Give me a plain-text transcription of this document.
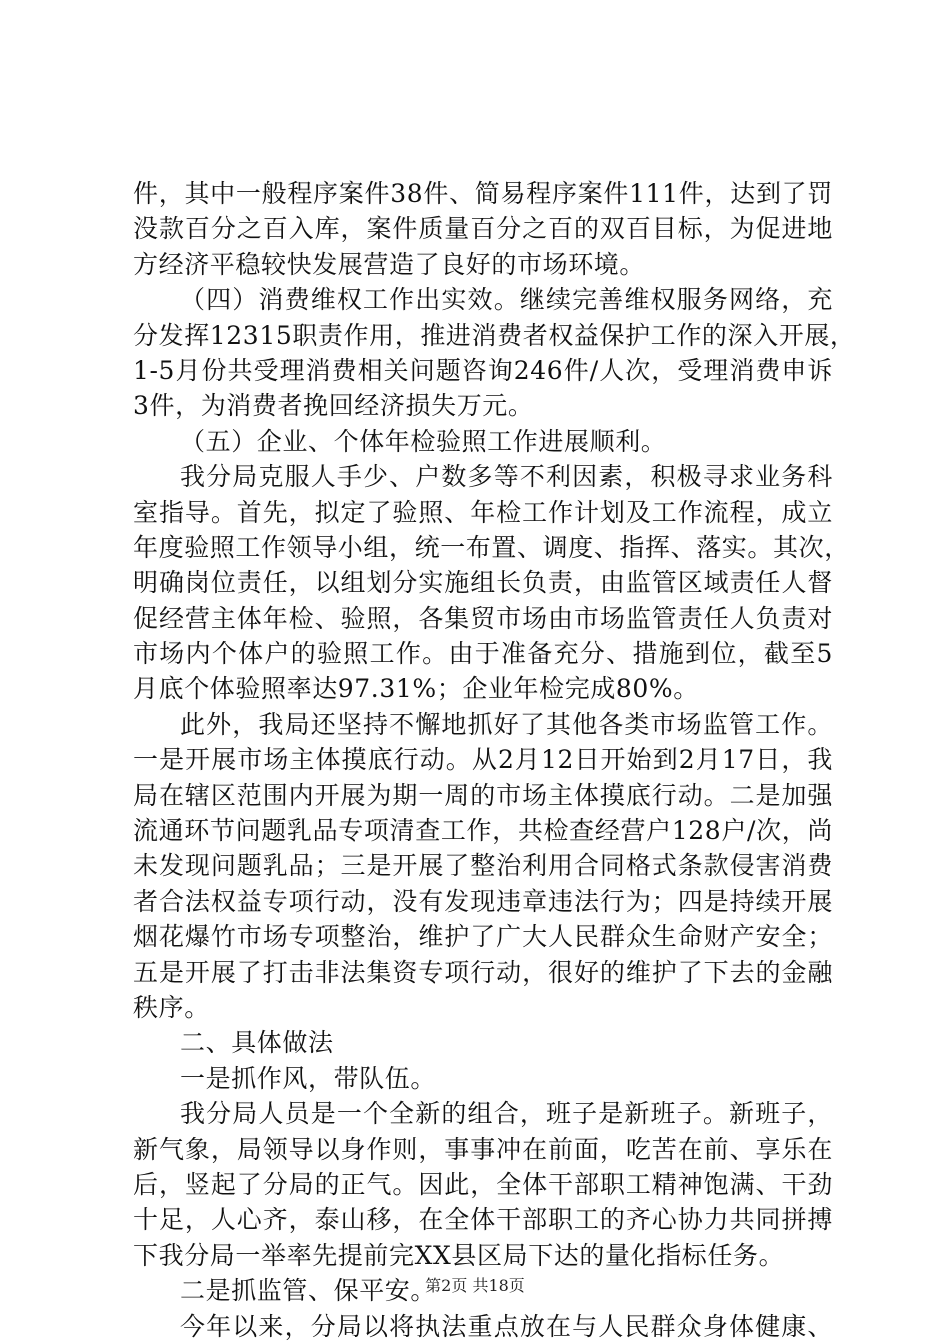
件，其中一般程序案件38件、简易程序案件111件，达到了罚
没款百分之百入库，案件质量百分之百的双百目标，为促进地
方经济平稳较快发展营造了良好的市场环境。
（四）消费维权工作出实效。继续完善维权服务网络，充
分发挥12315职责作用，推进消费者权益保护工作的深入开展，
1-5月份共受理消费相关问题咨询246件/人次，受理消费申诉
3件，为消费者挽回经济损失万元。
（五）企业、个体年检验照工作进展顺利。
我分局克服人手少、户数多等不利因素，积极寻求业务科
室指导。首先，拟定了验照、年检工作计划及工作流程，成立
年度验照工作领导小组，统一布置、调度、指挥、落实。其次，
明确岗位责任，以组划分实施组长负责，由监管区域责任人督
促经营主体年检、验照，各集贸市场由市场监管责任人负责对
市场内个体户的验照工作。由于准备充分、措施到位，截至5
月底个体验照率达97.31%；企业年检完成80%。
此外，我局还坚持不懈地抓好了其他各类市场监管工作。
一是开展市场主体摸底行动。从2月12日开始到2月17日，我
局在辖区范围内开展为期一周的市场主体摸底行动。二是加强
流通环节问题乳品专项清查工作，共检查经营户128户/次，尚
未发现问题乳品；三是开展了整治利用合同格式条款侵害消费
者合法权益专项行动，没有发现违章违法行为；四是持续开展
烟花爆竹市场专项整治，维护了广大人民群众生命财产安全；
五是开展了打击非法集资专项行动，很好的维护了下去的金融
秩序。
二、具体做法
一是抓作风，带队伍。
我分局人员是一个全新的组合，班子是新班子。新班子，
新气象，局领导以身作则，事事冲在前面，吃苦在前、享乐在
后，竖起了分局的正气。因此，全体干部职工精神饱满、干劲
十足，人心齐，泰山移，在全体干部职工的齐心协力共同拼搏
下我分局一举率先提前完XX县区局下达的量化指标任务。
二是抓监管、保平安。
今年以来，分局以将执法重点放在与人民群众身体健康、
第2页 共18页
